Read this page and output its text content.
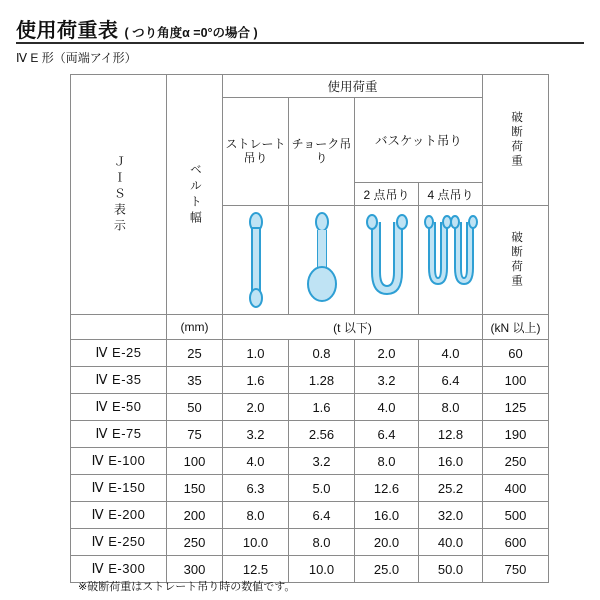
使用荷重表 ( つり角度α =0°の場合 )
Ⅳ E 形（両端アイ形）
ＪＩＳ表示	ベルト幅	使用荷重				破断荷重

		ストレート吊り	チョーク吊り	バスケット吊り		
				2 点吊り	4 点吊り	

破断荷重

	(mm)	(t 以下)				(kN 以上)
Ⅳ E-25	25	1.0	0.8	2.0	4.0	60
Ⅳ E-35	35	1.6	1.28	3.2	6.4	100
Ⅳ E-50	50	2.0	1.6	4.0	8.0	125
Ⅳ E-75	75	3.2	2.56	6.4	12.8	190
Ⅳ E-100	100	4.0	3.2	8.0	16.0	250
Ⅳ E-150	150	6.3	5.0	12.6	25.2	400
Ⅳ E-200	200	8.0	6.4	16.0	32.0	500
Ⅳ E-250	250	10.0	8.0	20.0	40.0	600
Ⅳ E-300	300	12.5	10.0	25.0	50.0	750
※破断荷重はストレート吊り時の数値です。
